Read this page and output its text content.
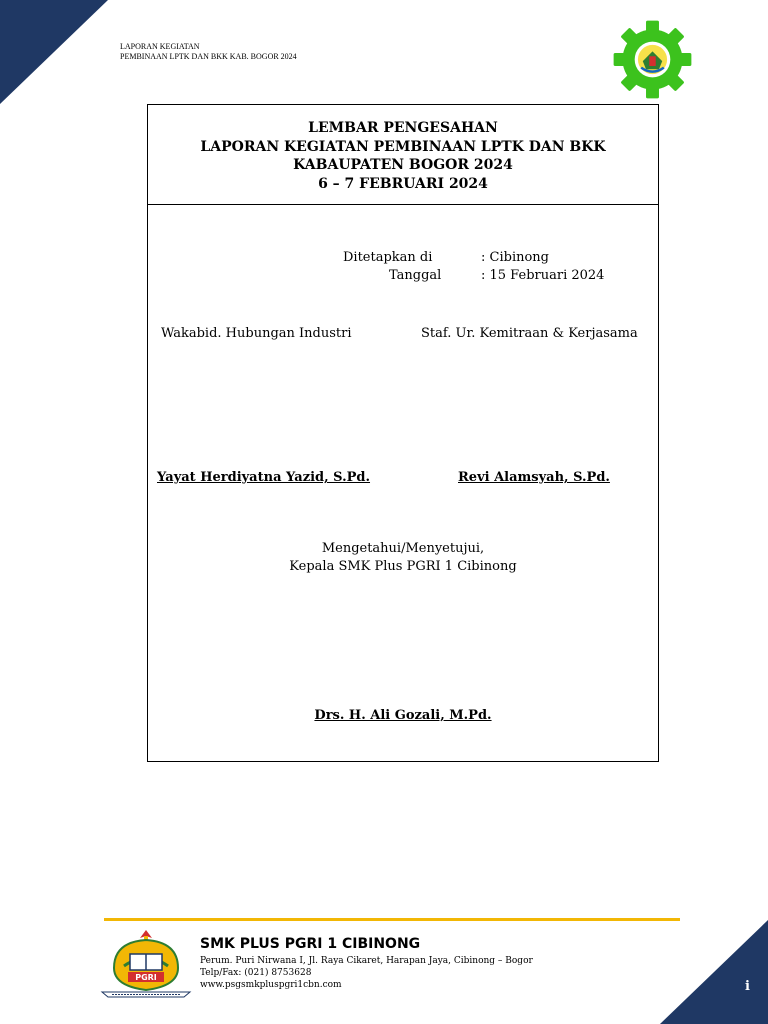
LAPORAN KEGIATAN
PEMBINAAN LPTK DAN BKK KAB. BOGOR 2024
LEMBAR PENGESAHAN
LAPORAN KEGIATAN PEMBINAAN LPTK DAN BKK
KABAUPATEN BOGOR 2024
6 – 7 FEBRUARI 2024
Ditetapkan di	: Cibinong
Tanggal	: 15 Februari 2024
Wakabid. Hubungan Industri	Staf. Ur. Kemitraan & Kerjasama
Yayat Herdiyatna Yazid, S.Pd.	Revi Alamsyah, S.Pd.
Mengetahui/Menyetujui,
Kepala SMK Plus PGRI 1 Cibinong
Drs. H. Ali Gozali, M.Pd.
PGRI
SMK PLUS PGRI 1 CIBINONG
Perum. Puri Nirwana I, Jl. Raya Cikaret, Harapan Jaya, Cibinong – Bogor
Telp/Fax: (021) 8753628
www.psgsmkpluspgri1cbn.com	i
